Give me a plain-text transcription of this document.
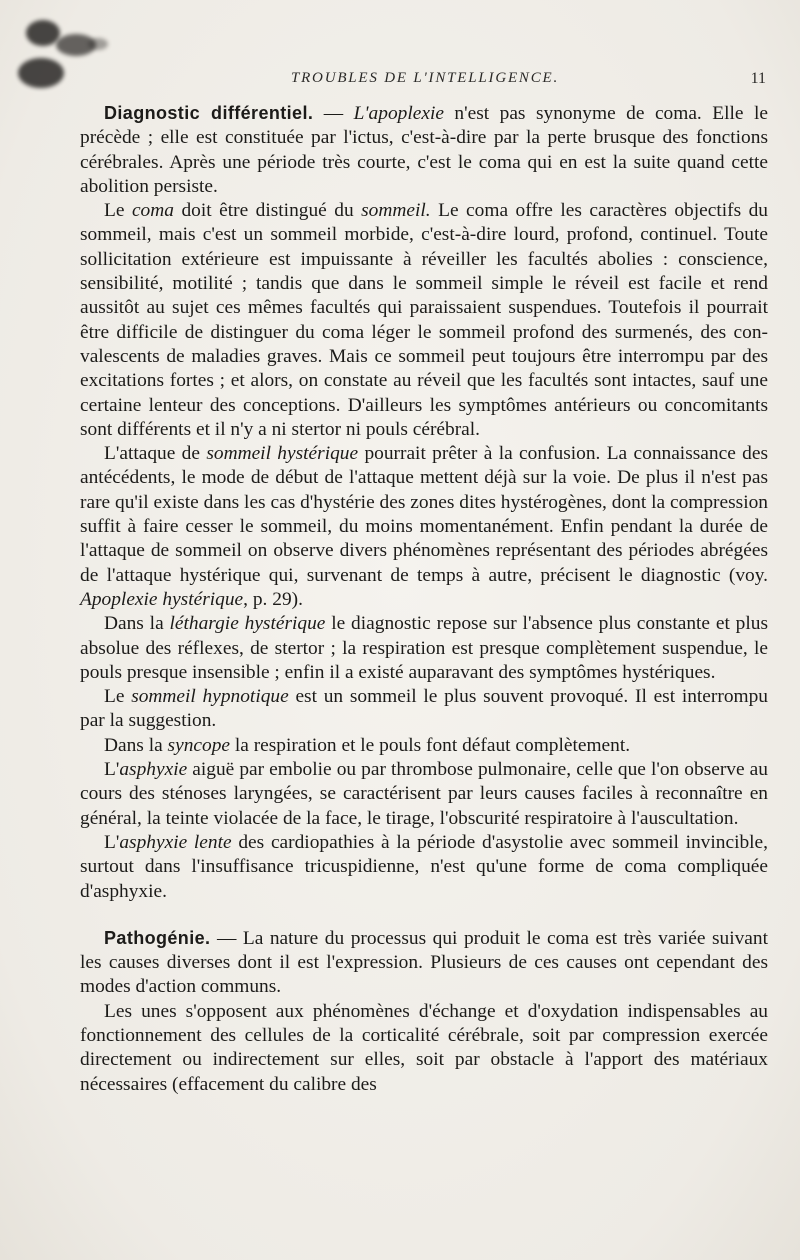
TROUBLES DE L'INTELLIGENCE.	11

Diagnostic différentiel. — L'apoplexie n'est pas synonyme de coma. Elle le précède ; elle est constituée par l'ictus, c'est-à-dire par la perte brusque des fonctions cérébrales. Après une période très courte, c'est le coma qui en est la suite quand cette abolition persiste.

Le coma doit être distingué du sommeil. Le coma offre les caractères objectifs du sommeil, mais c'est un sommeil morbide, c'est-à-dire lourd, profond, continuel. Toute sollicitation extérieure est impuissante à réveiller les facultés abolies : conscience, sensibilité, motilité ; tandis que dans le sommeil simple le réveil est facile et rend aussitôt au sujet ces mêmes facultés qui paraissaient suspendues. Toutefois il pourrait être difficile de distinguer du coma léger le sommeil profond des surmenés, des convalescents de maladies graves. Mais ce sommeil peut toujours être interrompu par des excitations fortes ; et alors, on constate au réveil que les facultés sont intactes, sauf une certaine lenteur des conceptions. D'ailleurs les symptômes antérieurs ou concomitants sont différents et il n'y a ni stertor ni pouls cérébral.

L'attaque de sommeil hystérique pourrait prêter à la confusion. La connaissance des antécédents, le mode de début de l'attaque mettent déjà sur la voie. De plus il n'est pas rare qu'il existe dans les cas d'hystérie des zones dites hystérogènes, dont la compression suffit à faire cesser le sommeil, du moins momentanément. Enfin pendant la durée de l'attaque de sommeil on observe divers phénomènes représentant des périodes abrégées de l'attaque hystérique qui, survenant de temps à autre, précisent le diagnostic (voy. Apoplexie hystérique, p. 29).

Dans la léthargie hystérique le diagnostic repose sur l'absence plus constante et plus absolue des réflexes, de stertor ; la respiration est presque complètement suspendue, le pouls presque insensible ; enfin il a existé auparavant des symptômes hystériques.

Le sommeil hypnotique est un sommeil le plus souvent provoqué. Il est interrompu par la suggestion.

Dans la syncope la respiration et le pouls font défaut complètement.

L'asphyxie aiguë par embolie ou par thrombose pulmonaire, celle que l'on observe au cours des sténoses laryngées, se caractérisent par leurs causes faciles à reconnaître en général, la teinte violacée de la face, le tirage, l'obscurité respiratoire à l'auscultation.

L'asphyxie lente des cardiopathies à la période d'asystolie avec sommeil invincible, surtout dans l'insuffisance tricuspidienne, n'est qu'une forme de coma compliquée d'asphyxie.

Pathogénie. — La nature du processus qui produit le coma est très variée suivant les causes diverses dont il est l'expression. Plusieurs de ces causes ont cependant des modes d'action communs.

Les unes s'opposent aux phénomènes d'échange et d'oxydation indispensables au fonctionnement des cellules de la corticalité cérébrale, soit par compression exercée directement ou indirectement sur elles, soit par obstacle à l'apport des matériaux nécessaires (effacement du calibre des
